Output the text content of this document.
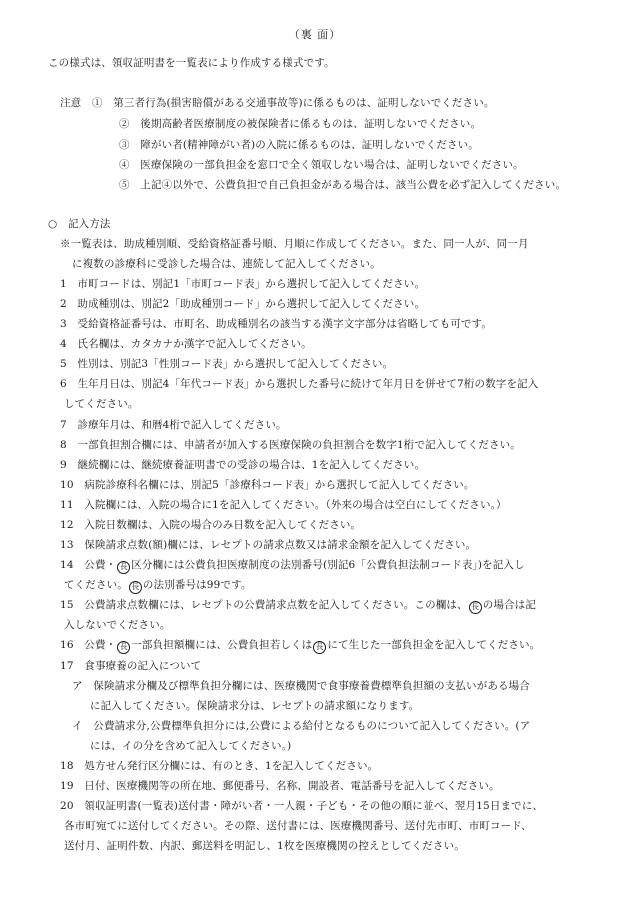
（裏 面）
この様式は、領収証明書を一覧表により作成する様式です。
注意　①　第三者行為(損害賠償がある交通事故等)に係るものは、証明しないでください。
②　後期高齢者医療制度の被保険者に係るものは、証明しないでください。
③　障がい者(精神障がい者)の入院に係るものは、証明しないでください。
④　医療保険の一部負担金を窓口で全く領収しない場合は、証明しないでください。
⑤　上記④以外で、公費負担で自己負担金がある場合は、該当公費を必ず記入してください。
○　記入方法
※一覧表は、助成種別順、受給資格証番号順、月順に作成してください。また、同一人が、同一月
に複数の診療科に受診した場合は、連続して記入してください。
1　市町コードは、別記1「市町コード表」から選択して記入してください。
2　助成種別は、別記2「助成種別コード」から選択して記入してください。
3　受給資格証番号は、市町名、助成種別名の該当する漢字文字部分は省略しても可です。
4　氏名欄は、カタカナか漢字で記入してください。
5　性別は、別記3「性別コード表」から選択して記入してください。
6　生年月日は、別記4「年代コード表」から選択した番号に続けて年月日を併せて7桁の数字を記入
してください。
7　診療年月は、和暦4桁で記入してください。
8　一部負担割合欄には、申請者が加入する医療保険の負担割合を数字1桁で記入してください。
9　継続欄には、継続療養証明書での受診の場合は、1を記入してください。
10　病院診療科名欄には、別記5「診療科コード表」から選択して記入してください。
11　入院欄には、入院の場合に1を記入してください。（外来の場合は空白にしてください。）
12　入院日数欄は、入院の場合のみ日数を記入してください。
13　保険請求点数(額)欄には、レセプトの請求点数又は請求金額を記入してください。
14　公費・ 長 区分欄には公費負担医療制度の法別番号(別記6「公費負担法制コード表」)を記入し
てください。 長 の法別番号は99です。
15　公費請求点数欄には、レセプトの公費請求点数を記入してください。この欄は、 長 の場合は記
入しないでください。
16　公費・ 長 一部負担額欄には、公費負担若しくは 長 にて生じた一部負担金を記入してください。
17　食事療養の記入について
ア　保険請求分欄及び標準負担分欄には、医療機関で食事療養費標準負担額の支払いがある場合
に記入してください。保険請求分は、レセプトの請求額になります。
イ　公費請求分,公費標準負担分には,公費による給付となるものについて記入してください。(ア
には、イの分を含めて記入してください。)
18　処方せん発行区分欄には、有のとき、1を記入してください。
19　日付、医療機関等の所在地、郵便番号、名称、開設者、電話番号を記入してください。
20　領収証明書(一覧表)送付書・障がい者・一人親・子ども・その他の順に並べ、翌月15日までに、
各市町宛てに送付してください。その際、送付書には、医療機関番号、送付先市町、市町コード、
送付月、証明件数、内訳、郵送料を明記し、1枚を医療機関の控えとしてください。
